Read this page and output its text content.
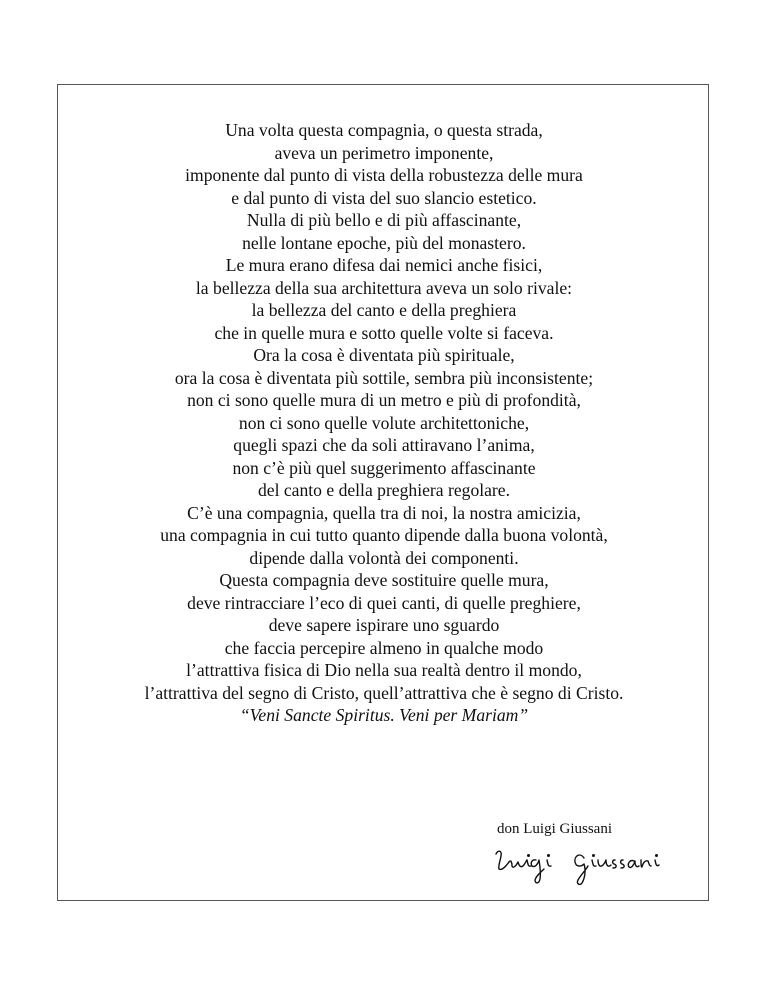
Una volta questa compagnia, o questa strada,
aveva un perimetro imponente,
imponente dal punto di vista della robustezza delle mura
e dal punto di vista del suo slancio estetico.
Nulla di più bello e di più affascinante,
nelle lontane epoche, più del monastero.
Le mura erano difesa dai nemici anche fisici,
la bellezza della sua architettura aveva un solo rivale:
la bellezza del canto e della preghiera
che in quelle mura e sotto quelle volte si faceva.
Ora la cosa è diventata più spirituale,
ora la cosa è diventata più sottile, sembra più inconsistente;
non ci sono quelle mura di un metro e più di profondità,
non ci sono quelle volute architettoniche,
quegli spazi che da soli attiravano l’anima,
non c’è più quel suggerimento affascinante
del canto e della preghiera regolare.
C’è una compagnia, quella tra di noi, la nostra amicizia,
una compagnia in cui tutto quanto dipende dalla buona volontà,
dipende dalla volontà dei componenti.
Questa compagnia deve sostituire quelle mura,
deve rintracciare l’eco di quei canti, di quelle preghiere,
deve sapere ispirare uno sguardo
che faccia percepire almeno in qualche modo
l’attrattiva fisica di Dio nella sua realtà dentro il mondo,
l’attrattiva del segno di Cristo, quell’attrattiva che è segno di Cristo.
“Veni Sancte Spiritus. Veni per Mariam”
don Luigi Giussani
